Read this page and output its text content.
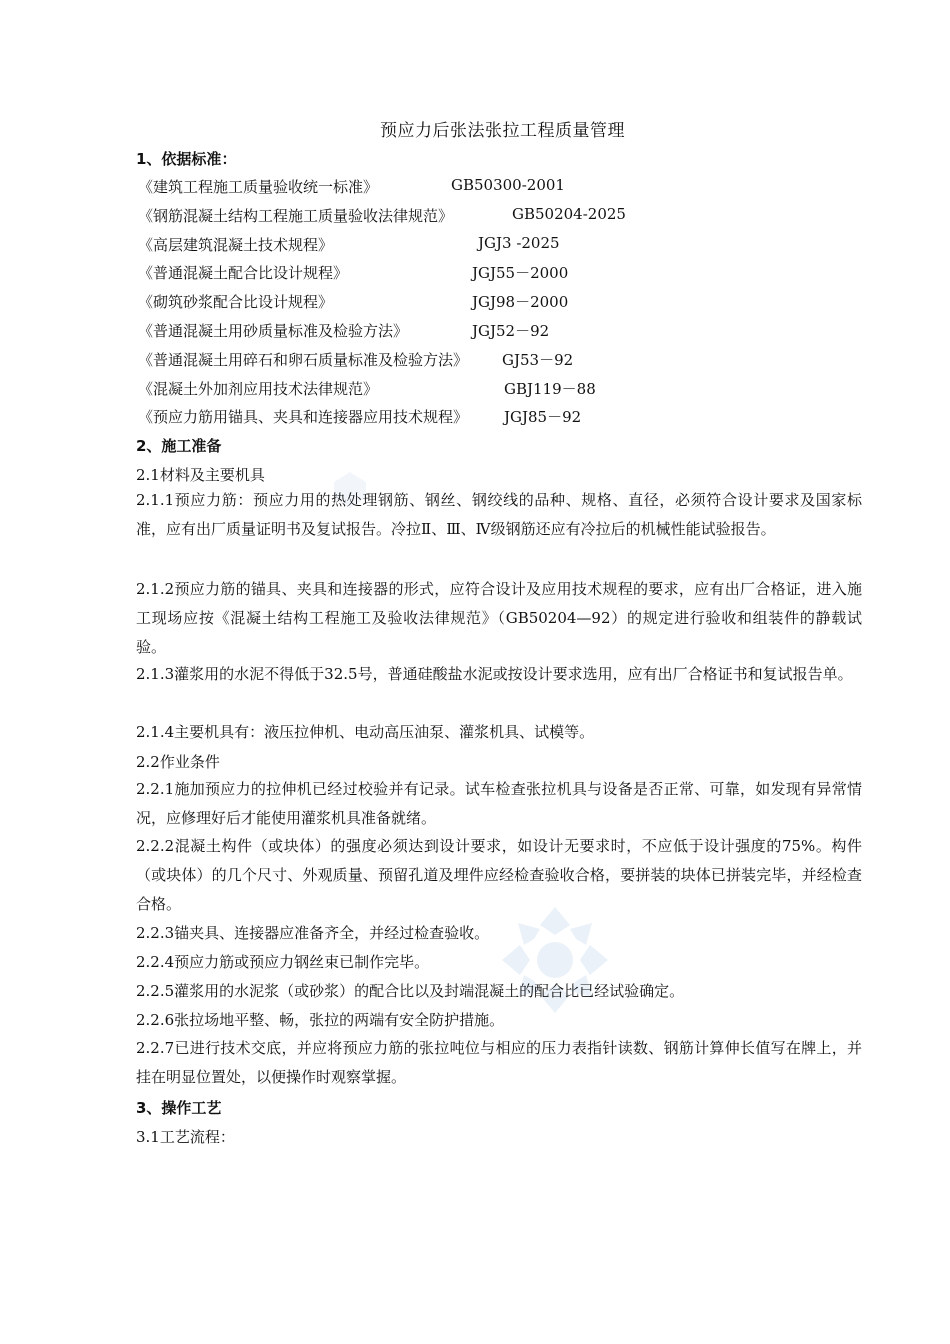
预应力后张法张拉工程质量管理
1、依据标准：
《建筑工程施工质量验收统一标准》	GB50300-2001
《钢筋混凝土结构工程施工质量验收法律规范》	GB50204-2025
《高层建筑混凝土技术规程》	JGJ3 -2025
《普通混凝土配合比设计规程》	JGJ55－2000
《砌筑砂浆配合比设计规程》	JGJ98－2000
《普通混凝土用砂质量标准及检验方法》	JGJ52－92
《普通混凝土用碎石和卵石质量标准及检验方法》 GJ53－92
《混凝土外加剂应用技术法律规范》	GBJ119－88
《预应力筋用锚具、夹具和连接器应用技术规程》 JGJ85－92
2、施工准备
2.1材料及主要机具
2.1.1预应力筋：预应力用的热处理钢筋、钢丝、钢绞线的品种、规格、直径，必须符合设计要求及国家标准，应有出厂质量证明书及复试报告。冷拉Ⅱ、Ⅲ、Ⅳ级钢筋还应有冷拉后的机械性能试验报告。
2.1.2预应力筋的锚具、夹具和连接器的形式，应符合设计及应用技术规程的要求，应有出厂合格证，进入施工现场应按《混凝土结构工程施工及验收法律规范》（GB50204—92）的规定进行验收和组装件的静载试验。
2.1.3灌浆用的水泥不得低于32.5号，普通硅酸盐水泥或按设计要求选用，应有出厂合格证书和复试报告单。
2.1.4主要机具有：液压拉伸机、电动高压油泵、灌浆机具、试模等。
2.2作业条件
2.2.1施加预应力的拉伸机已经过校验并有记录。试车检查张拉机具与设备是否正常、可靠，如发现有异常情况，应修理好后才能使用灌浆机具准备就绪。
2.2.2混凝土构件（或块体）的强度必须达到设计要求，如设计无要求时，不应低于设计强度的75%。构件（或块体）的几个尺寸、外观质量、预留孔道及埋件应经检查验收合格，要拼装的块体已拼装完毕，并经检查合格。
2.2.3锚夹具、连接器应准备齐全，并经过检查验收。
2.2.4预应力筋或预应力钢丝束已制作完毕。
2.2.5灌浆用的水泥浆（或砂浆）的配合比以及封端混凝土的配合比已经试验确定。
2.2.6张拉场地平整、畅，张拉的两端有安全防护措施。
2.2.7已进行技术交底，并应将预应力筋的张拉吨位与相应的压力表指针读数、钢筋计算伸长值写在牌上，并挂在明显位置处，以便操作时观察掌握。
3、操作工艺
3.1工艺流程：
